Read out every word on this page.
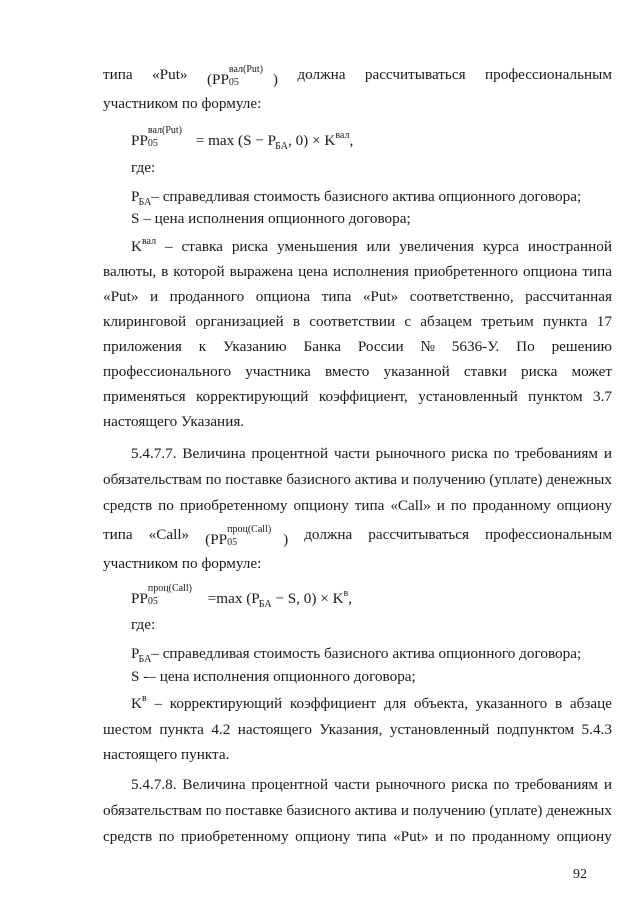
типа «Put» (PP
вал(Put)
05 ) должна рассчитываться профессиональным
участником по формуле:
PP
вал(Put)
$05 = \max (S - P_{БА}$, $0) \times K^{вал}$,
где:
$P_{БА}-$ справедливая стоимость базисного актива опционного договора;
S – цена исполнения опционного договора;
$K^{вал}$ – ставка риска уменьшения или увеличения курса иностранной
валюты, в которой выражена цена исполнения приобретенного опциона типа
«Put» и проданного опциона типа «Put» соответственно, рассчитанная
клиринговой организацией в соответствии с абзацем третьим пункта 17
приложения к Указанию Банка России № 5636-У. По решению
профессионального участника вместо указанной ставки риска может
применяться корректирующий коэффициент, установленный пунктом 3.7
настоящего Указания.
5.4.7.7. Величина процентной части рыночного риска по требованиям и
обязательствам по поставке базисного актива и получению (уплате) денежных
средств по приобретенному опциону типа «Call» и по проданному опциону
типа «Call» (PP
проц(Call)
05	) должна рассчитываться профессиональным
участником по формуле:
PP
проц(Call)
05	=max ($P_{БА} - S$, $0) \times K^в$,
где:
$P_{БА}-$ справедливая стоимость базисного актива опционного договора;
S -– цена исполнения опционного договора;
$K^в$ – корректирующий коэффициент для объекта, указанного в абзаце
шестом пункта 4.2 настоящего Указания, установленный подпунктом 5.4.3
настоящего пункта.
5.4.7.8. Величина процентной части рыночного риска по требованиям и
обязательствам по поставке базисного актива и получению (уплате) денежных
средств по приобретенному опциону типа «Put» и по проданному опциону
92
